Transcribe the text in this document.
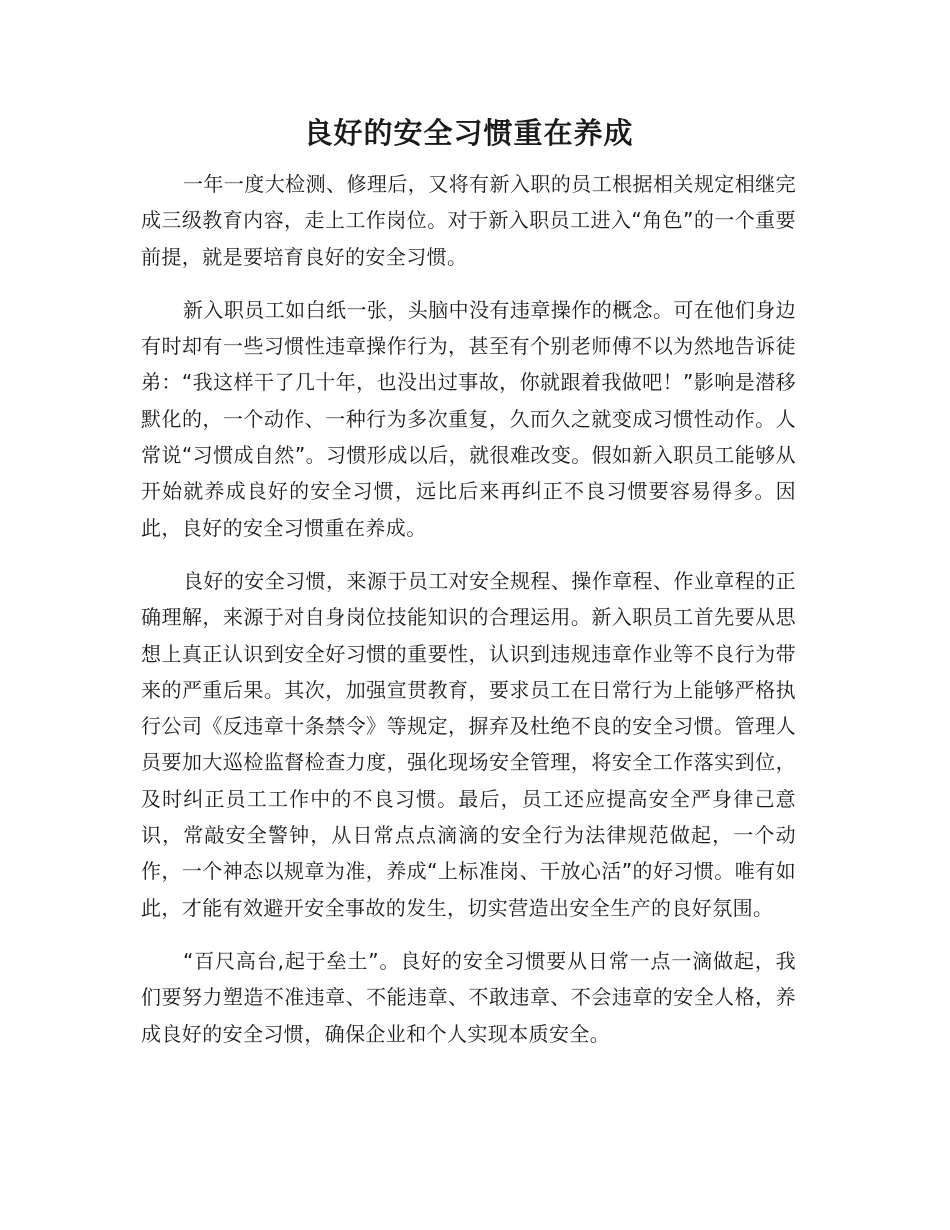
良好的安全习惯重在养成

一年一度大检测、修理后，又将有新入职的员工根据相关规定相继完成三级教育内容，走上工作岗位。对于新入职员工进入“角色”的一个重要前提，就是要培育良好的安全习惯。

新入职员工如白纸一张，头脑中没有违章操作的概念。可在他们身边有时却有一些习惯性违章操作行为，甚至有个别老师傅不以为然地告诉徒弟：“我这样干了几十年，也没出过事故，你就跟着我做吧！”影响是潜移默化的，一个动作、一种行为多次重复，久而久之就变成习惯性动作。人常说“习惯成自然”。习惯形成以后，就很难改变。假如新入职员工能够从开始就养成良好的安全习惯，远比后来再纠正不良习惯要容易得多。因此，良好的安全习惯重在养成。

良好的安全习惯，来源于员工对安全规程、操作章程、作业章程的正确理解，来源于对自身岗位技能知识的合理运用。新入职员工首先要从思想上真正认识到安全好习惯的重要性，认识到违规违章作业等不良行为带来的严重后果。其次，加强宣贯教育，要求员工在日常行为上能够严格执行公司《反违章十条禁令》等规定，摒弃及杜绝不良的安全习惯。管理人员要加大巡检监督检查力度，强化现场安全管理，将安全工作落实到位，及时纠正员工工作中的不良习惯。最后，员工还应提高安全严身律己意识，常敲安全警钟，从日常点点滴滴的安全行为法律规范做起，一个动作，一个神态以规章为准，养成“上标准岗、干放心活”的好习惯。唯有如此，才能有效避开安全事故的发生，切实营造出安全生产的良好氛围。

“百尺高台,起于垒土”。良好的安全习惯要从日常一点一滴做起，我们要努力塑造不准违章、不能违章、不敢违章、不会违章的安全人格，养成良好的安全习惯，确保企业和个人实现本质安全。
